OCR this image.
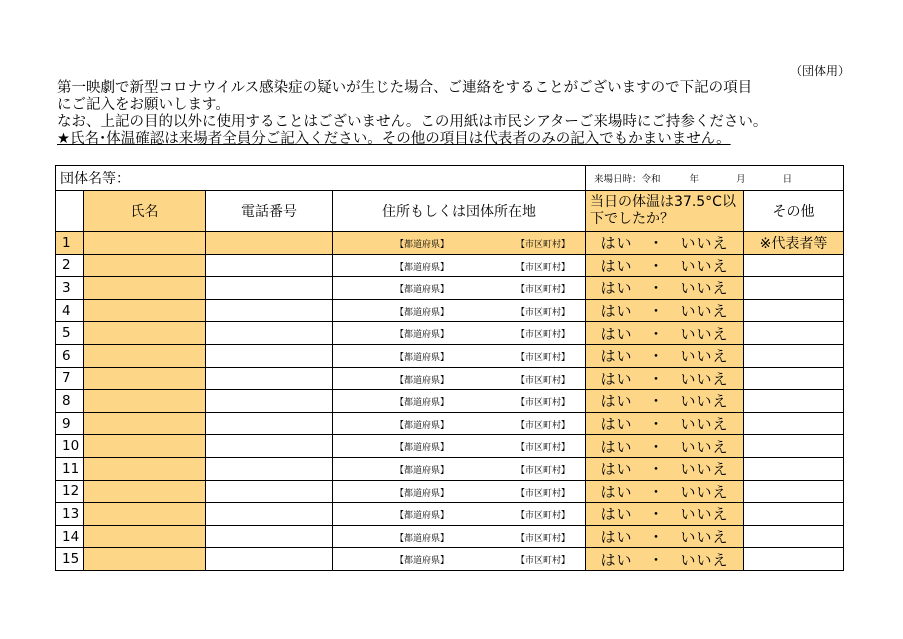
（団体用）
第一映劇で新型コロナウイルス感染症の疑いが生じた場合、ご連絡をすることがございますので下記の項目
にご記入をお願いします。
なお、上記の目的以外に使用することはございません。この用紙は市民シアターご来場時にご持参ください。
★氏名･体温確認は来場者全員分ご記入ください。その他の項目は代表者のみの記入でもかまいません。
団体名等：				来場日時：令和 年 月 日	
	氏名	電話番号	住所もしくは団体所在地	当日の体温は37.5°C以下でしたか？	その他
1			【都道府県】 【市区町村】	はい　・　いいえ	※代表者等
2			【都道府県】 【市区町村】	はい　・　いいえ	
3			【都道府県】 【市区町村】	はい　・　いいえ	
4			【都道府県】 【市区町村】	はい　・　いいえ	
5			【都道府県】 【市区町村】	はい　・　いいえ	
6			【都道府県】 【市区町村】	はい　・　いいえ	
7			【都道府県】 【市区町村】	はい　・　いいえ	
8			【都道府県】 【市区町村】	はい　・　いいえ	
9			【都道府県】 【市区町村】	はい　・　いいえ	
10			【都道府県】 【市区町村】	はい　・　いいえ	
11			【都道府県】 【市区町村】	はい　・　いいえ	
12			【都道府県】 【市区町村】	はい　・　いいえ	
13			【都道府県】 【市区町村】	はい　・　いいえ	
14			【都道府県】 【市区町村】	はい　・　いいえ	
15			【都道府県】 【市区町村】	はい　・　いいえ	
